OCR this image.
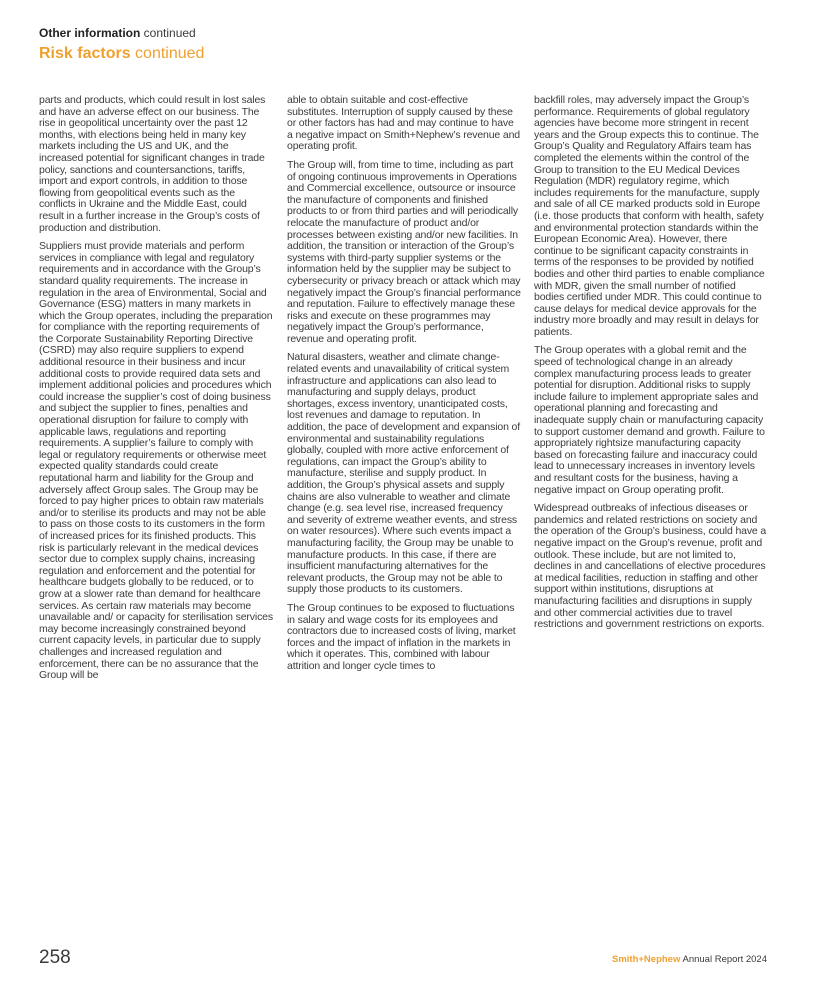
Other information continued
Risk factors continued

parts and products, which could result in lost sales and have an adverse effect on our business. The rise in geopolitical uncertainty over the past 12 months, with elections being held in many key markets including the US and UK, and the increased potential for significant changes in trade policy, sanctions and countersanctions, tariffs, import and export controls, in addition to those flowing from geopolitical events such as the conflicts in Ukraine and the Middle East, could result in a further increase in the Group’s costs of production and distribution.

Suppliers must provide materials and perform services in compliance with legal and regulatory requirements and in accordance with the Group’s standard quality requirements. The increase in regulation in the area of Environmental, Social and Governance (ESG) matters in many markets in which the Group operates, including the preparation for compliance with the reporting requirements of the Corporate Sustainability Reporting Directive (CSRD) may also require suppliers to expend additional resource in their business and incur additional costs to provide required data sets and implement additional policies and procedures which could increase the supplier’s cost of doing business and subject the supplier to fines, penalties and operational disruption for failure to comply with applicable laws, regulations and reporting requirements. A supplier’s failure to comply with legal or regulatory requirements or otherwise meet expected quality standards could create reputational harm and liability for the Group and adversely affect Group sales. The Group may be forced to pay higher prices to obtain raw materials and/or to sterilise its products and may not be able to pass on those costs to its customers in the form of increased prices for its finished products. This risk is particularly relevant in the medical devices sector due to complex supply chains, increasing regulation and enforcement and the potential for healthcare budgets globally to be reduced, or to grow at a slower rate than demand for healthcare services. As certain raw materials may become unavailable and/ or capacity for sterilisation services may become increasingly constrained beyond current capacity levels, in particular due to supply challenges and increased regulation and enforcement, there can be no assurance that the Group will be

able to obtain suitable and cost-effective substitutes. Interruption of supply caused by these or other factors has had and may continue to have a negative impact on Smith+Nephew’s revenue and operating profit.

The Group will, from time to time, including as part of ongoing continuous improvements in Operations and Commercial excellence, outsource or insource the manufacture of components and finished products to or from third parties and will periodically relocate the manufacture of product and/or processes between existing and/or new facilities. In addition, the transition or interaction of the Group’s systems with third-party supplier systems or the information held by the supplier may be subject to cybersecurity or privacy breach or attack which may negatively impact the Group’s financial performance and reputation. Failure to effectively manage these risks and execute on these programmes may negatively impact the Group’s performance, revenue and operating profit.

Natural disasters, weather and climate change-related events and unavailability of critical system infrastructure and applications can also lead to manufacturing and supply delays, product shortages, excess inventory, unanticipated costs, lost revenues and damage to reputation. In addition, the pace of development and expansion of environmental and sustainability regulations globally, coupled with more active enforcement of regulations, can impact the Group’s ability to manufacture, sterilise and supply product. In addition, the Group’s physical assets and supply chains are also vulnerable to weather and climate change (e.g. sea level rise, increased frequency and severity of extreme weather events, and stress on water resources). Where such events impact a manufacturing facility, the Group may be unable to manufacture products. In this case, if there are insufficient manufacturing alternatives for the relevant products, the Group may not be able to supply those products to its customers.

The Group continues to be exposed to fluctuations in salary and wage costs for its employees and contractors due to increased costs of living, market forces and the impact of inflation in the markets in which it operates. This, combined with labour attrition and longer cycle times to

backfill roles, may adversely impact the Group’s performance. Requirements of global regulatory agencies have become more stringent in recent years and the Group expects this to continue. The Group’s Quality and Regulatory Affairs team has completed the elements within the control of the Group to transition to the EU Medical Devices Regulation (MDR) regulatory regime, which includes requirements for the manufacture, supply and sale of all CE marked products sold in Europe (i.e. those products that conform with health, safety and environmental protection standards within the European Economic Area). However, there continue to be significant capacity constraints in terms of the responses to be provided by notified bodies and other third parties to enable compliance with MDR, given the small number of notified bodies certified under MDR. This could continue to cause delays for medical device approvals for the industry more broadly and may result in delays for patients.

The Group operates with a global remit and the speed of technological change in an already complex manufacturing process leads to greater potential for disruption. Additional risks to supply include failure to implement appropriate sales and operational planning and forecasting and inadequate supply chain or manufacturing capacity to support customer demand and growth. Failure to appropriately rightsize manufacturing capacity based on forecasting failure and inaccuracy could lead to unnecessary increases in inventory levels and resultant costs for the business, having a negative impact on Group operating profit.

Widespread outbreaks of infectious diseases or pandemics and related restrictions on society and the operation of the Group’s business, could have a negative impact on the Group’s revenue, profit and outlook. These include, but are not limited to, declines in and cancellations of elective procedures at medical facilities, reduction in staffing and other support within institutions, disruptions at manufacturing facilities and disruptions in supply and other commercial activities due to travel restrictions and government restrictions on exports.

258	Smith+Nephew Annual Report 2024
